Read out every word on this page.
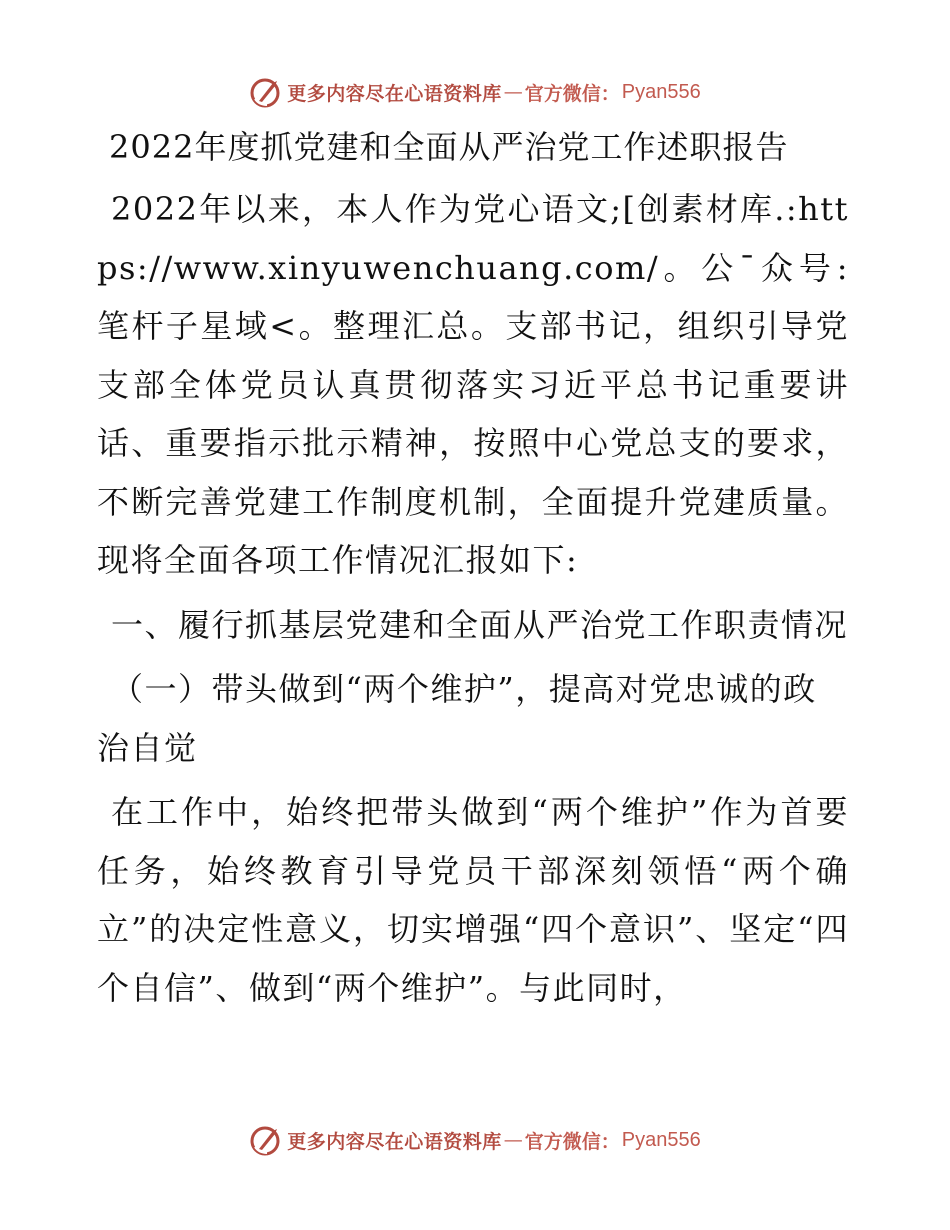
更多内容尽在心语资料库 — 官方微信： Pyan556
2022年度抓党建和全面从严治党工作述职报告

2022年以来，本人作为党心语文;[创素材库.:https://www.xinyuwenchuang.com/。公¯众号: 笔杆子星域<。整理汇总。支部书记，组织引导党支部全体党员认真贯彻落实习近平总书记重要讲话、重要指示批示精神，按照中心党总支的要求，不断完善党建工作制度机制，全面提升党建质量。现将全面各项工作情况汇报如下:

一、履行抓基层党建和全面从严治党工作职责情况
（一）带头做到“两个维护”，提高对党忠诚的政治自觉

在工作中，始终把带头做到“两个维护”作为首要任务，始终教育引导党员干部深刻领悟“两个确立”的决定性意义，切实增强“四个意识”、坚定“四个自信”、做到“两个维护”。与此同时，

更多内容尽在心语资料库 — 官方微信： Pyan556
